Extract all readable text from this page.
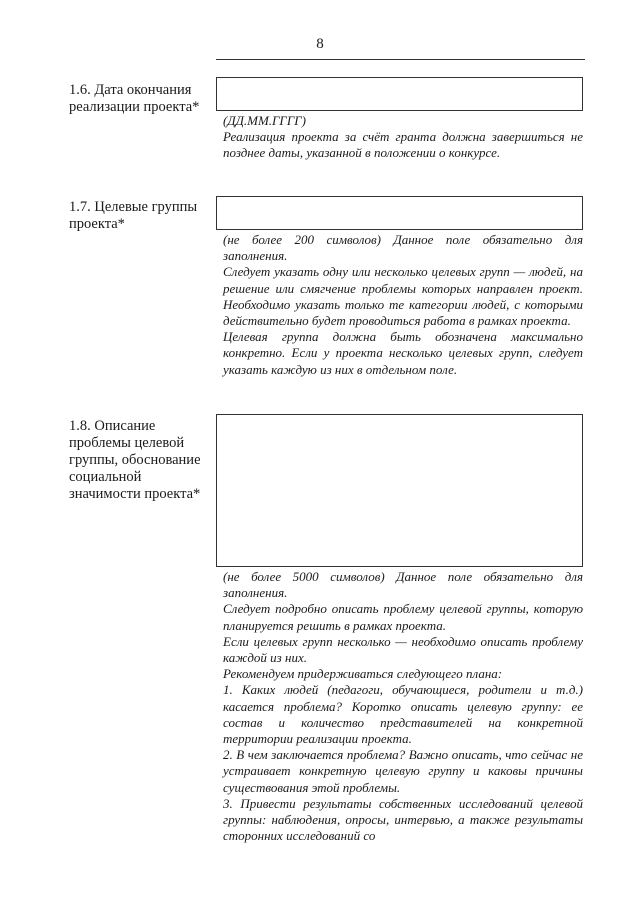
8
1.6. Дата окончания
реализации проекта*

(ДД.ММ.ГГГГ)

Реализация проекта за счёт гранта должна завершиться не позднее даты, указанной в положении о конкурсе.

1.7. Целевые группы
проекта*

(не более 200 символов) Данное поле обязательно для заполнения.

Следует указать одну или несколько целевых групп — людей, на решение или смягчение проблемы которых направлен проект. Необходимо указать только те категории людей, с которыми действительно будет проводиться работа в рамках проекта.

Целевая группа должна быть обозначена максимально конкретно. Если у проекта несколько целевых групп, следует указать каждую из них в отдельном поле.

1.8. Описание
проблемы целевой
группы, обоснование
социальной
значимости проекта*

(не более 5000 символов) Данное поле обязательно для заполнения.

Следует подробно описать проблему целевой группы, которую планируется решить в рамках проекта.

Если целевых групп несколько — необходимо описать проблему каждой из них.

Рекомендуем придерживаться следующего плана:

1. Каких людей (педагоги, обучающиеся, родители и т.д.) касается проблема? Коротко описать целевую группу: ее состав и количество представителей на конкретной территории реализации проекта.

2. В чем заключается проблема? Важно описать, что сейчас не устраивает конкретную целевую группу и каковы причины существования этой проблемы.

3. Привести результаты собственных исследований целевой группы: наблюдения, опросы, интервью, а также результаты сторонних исследований со
